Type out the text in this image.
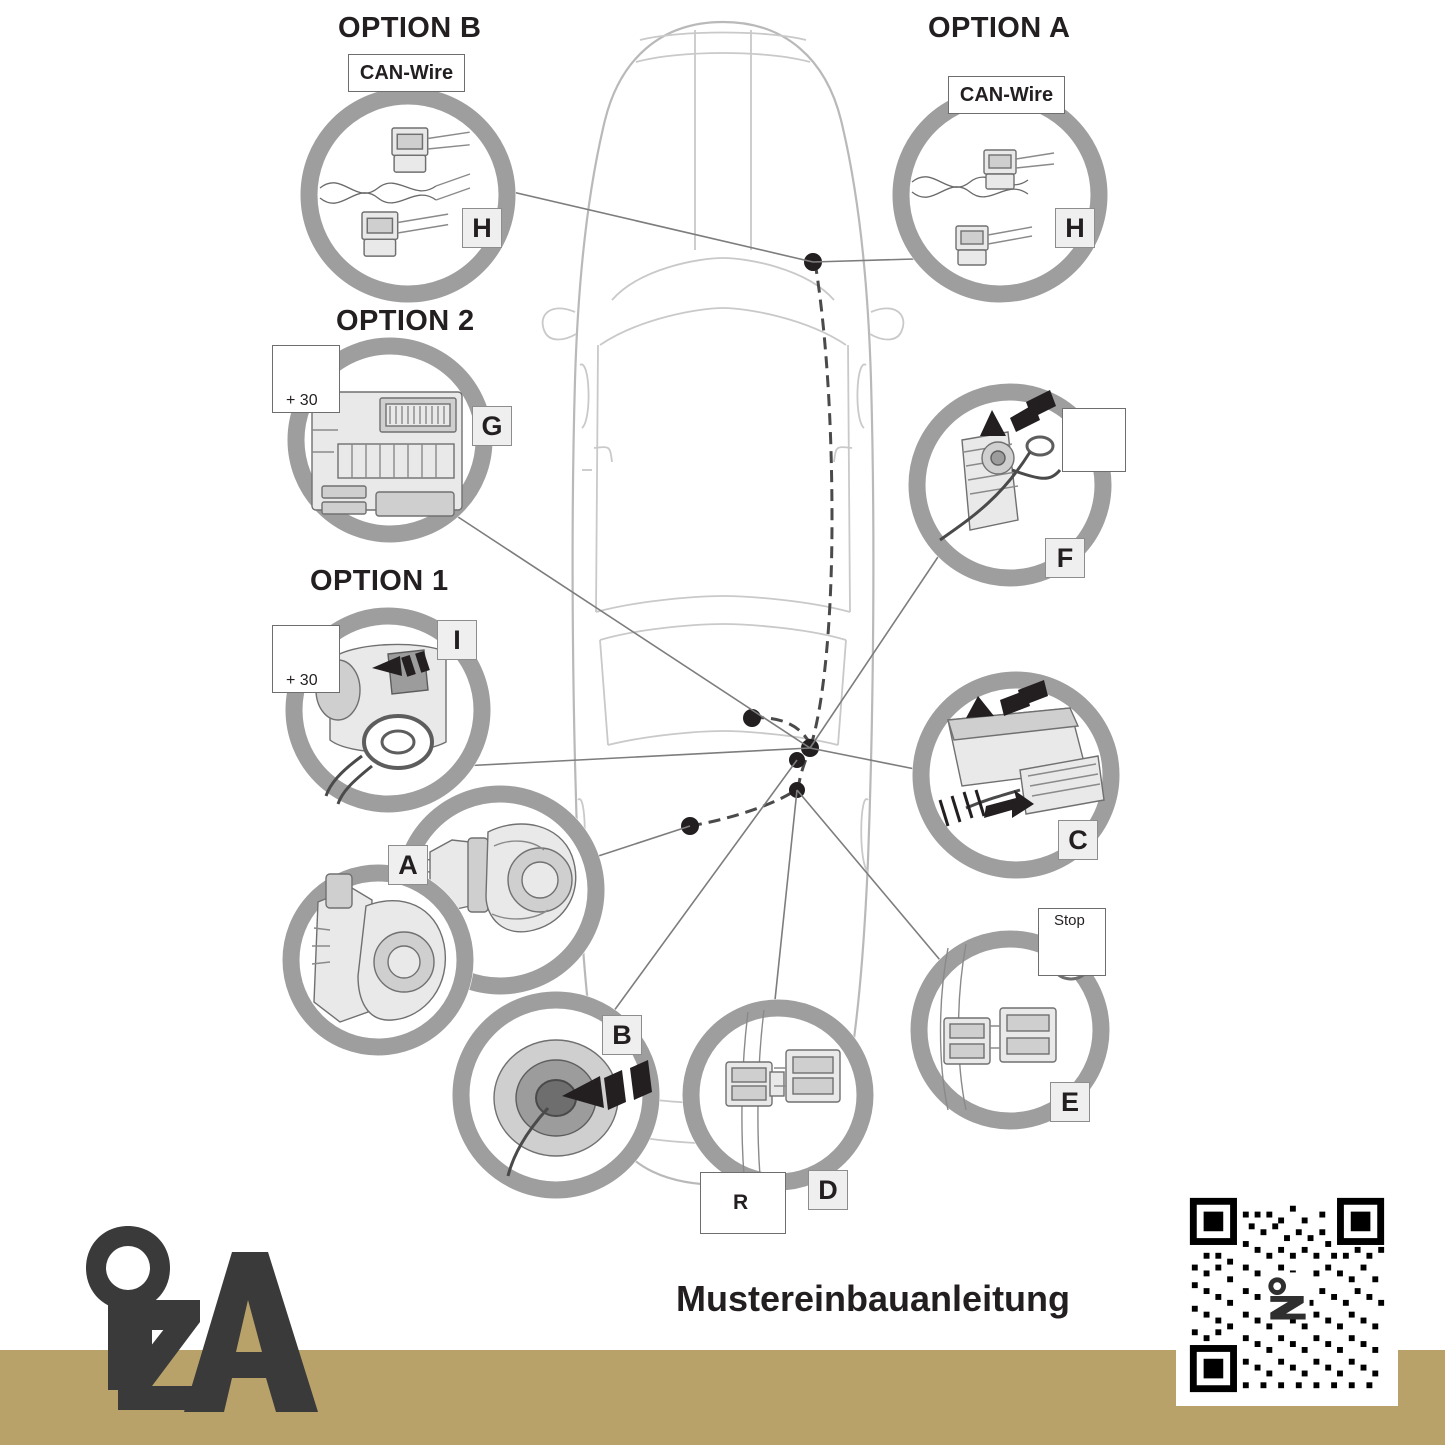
OPTION B
CAN-Wire
H
OPTION A
CAN-Wire
H
OPTION 2
+ 30
G
OPTION 1
+ 30
I
F
C
A
B
D
R
E
Stop
Mustereinbauanleitung
